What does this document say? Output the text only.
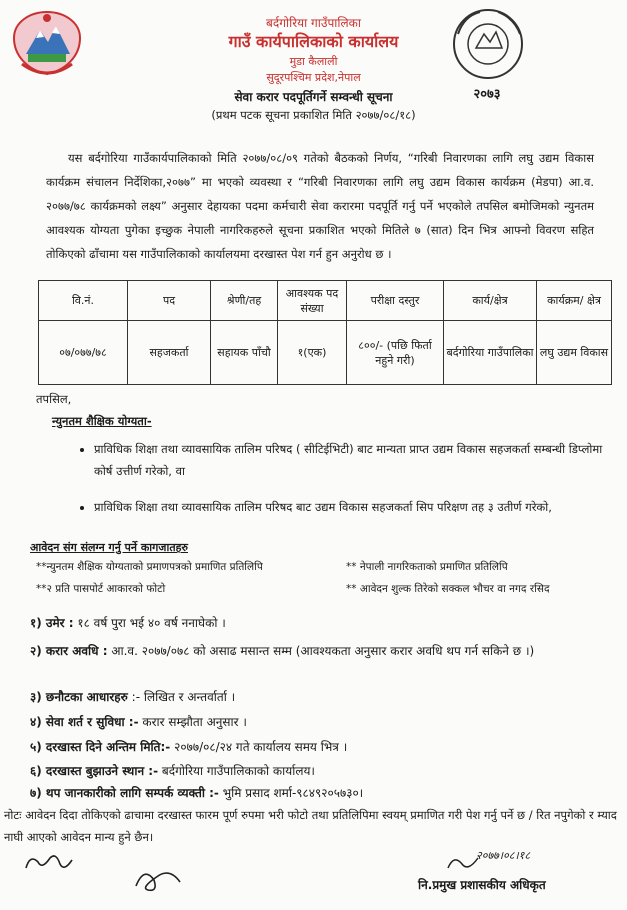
२०७३
बर्दगोरिया गाउँपालिका
गाउँ कार्यपालिकाको कार्यालय
मुडा कैलाली
सुदूरपश्चिम प्रदेश,नेपाल
सेवा करार पदपूर्तिगर्ने सम्वन्धी सूचना
(प्रथम पटक सूचना प्रकाशित मिति २०७७/०८/१८)
यस बर्दगोरिया गाउँकार्यपालिकाको मिति २०७७/०८/०९ गतेको बैठकको निर्णय, “गरिबी निवारणका लागि लघु उद्यम विकास कार्यक्रम संचालन निर्देशिका,२०७७” मा भएको व्यवस्था र “गरिबी निवारणका लागि लघु उद्यम विकास कार्यक्रम (मेडपा) आ.व. २०७७/७८ कार्यक्रमको लक्ष्य” अनुसार देहायका पदमा कर्मचारी सेवा करारमा पदपूर्ति गर्नु पर्ने भएकोले तपसिल बमोजिमको न्युनतम आवश्यक योग्यता पुगेका इच्छुक नेपाली नागरिकहरुले सूचना प्रकाशित भएको मितिले ७ (सात) दिन भित्र आफ्नो विवरण सहित तोकिएको ढाँचामा यस गाउँपालिकाको कार्यालयमा दरखास्त पेश गर्न हुन अनुरोध छ ।
वि.नं.	पद	श्रेणी/तह	आवश्यक पद संख्या	परीक्षा दस्तुर	कार्य/क्षेत्र	कार्यक्रम/ क्षेत्र
०७/०७७/७८	सहजकर्ता	सहायक पाँचौ	१(एक)	८००/- (पछि फिर्ता नहुने गरी)	बर्दगोरिया गाउँपालिका	लघु उद्यम विकास
तपसिल,
न्युनतम शैक्षिक योग्यता-
• प्राविधिक शिक्षा तथा व्यावसायिक तालिम परिषद ( सीटिईभिटी) बाट मान्यता प्राप्त उद्यम विकास सहजकर्ता सम्बन्धी डिप्लोमा कोर्ष उत्तीर्ण गरेको, वा
• प्राविधिक शिक्षा तथा व्यावसायिक तालिम परिषद बाट उद्यम विकास सहजकर्ता सिप परिक्षण तह ३ उतीर्ण गरेको,
आवेदन संग संलग्न गर्नु पर्ने कागजातहरु
**न्युनतम शैक्षिक योग्यताको प्रमाणपत्रको प्रमाणित प्रतिलिपि
**२ प्रति पासपोर्ट आकारको फोटो
** नेपाली नागरिकताको प्रमाणित प्रतिलिपि
** आवेदन शुल्क तिरेको सक्कल भौचर वा नगद रसिद
१) उमेर : १८ वर्ष पुरा भई ४० वर्ष ननाघेको ।
२) करार अवधि : आ.व. २०७७/०७८ को असाढ मसान्त सम्म (आवश्यकता अनुसार करार अवधि थप गर्न सकिने छ ।)
३) छनौटका आधारहरु :- लिखित र अन्तर्वार्ता ।
४) सेवा शर्त र सुविधा :- करार सम्झौता अनुसार ।
५) दरखास्त दिने अन्तिम मिति:- २०७७/०८/२४ गते कार्यालय समय भित्र ।
६) दरखास्त बुझाउने स्थान :- बर्दगोरिया गाउँपालिकाको कार्यालय।
७) थप जानकारीको लागि सम्पर्क व्यक्ती :- भुमि प्रसाद शर्मा-९८४९२०५७३०।
नोटः आवेदन दिदा तोकिएको ढाचामा दरखास्त फारम पूर्ण रुपमा भरी फोटो तथा प्रतिलिपिमा स्वयम् प्रमाणित गरी पेश गर्नु पर्ने छ / रित नपुगेको र म्याद नाघी आएको आवेदन मान्य हुने छैन।
२०७७।०८।१८
नि.प्रमुख प्रशासकीय अधिकृत
